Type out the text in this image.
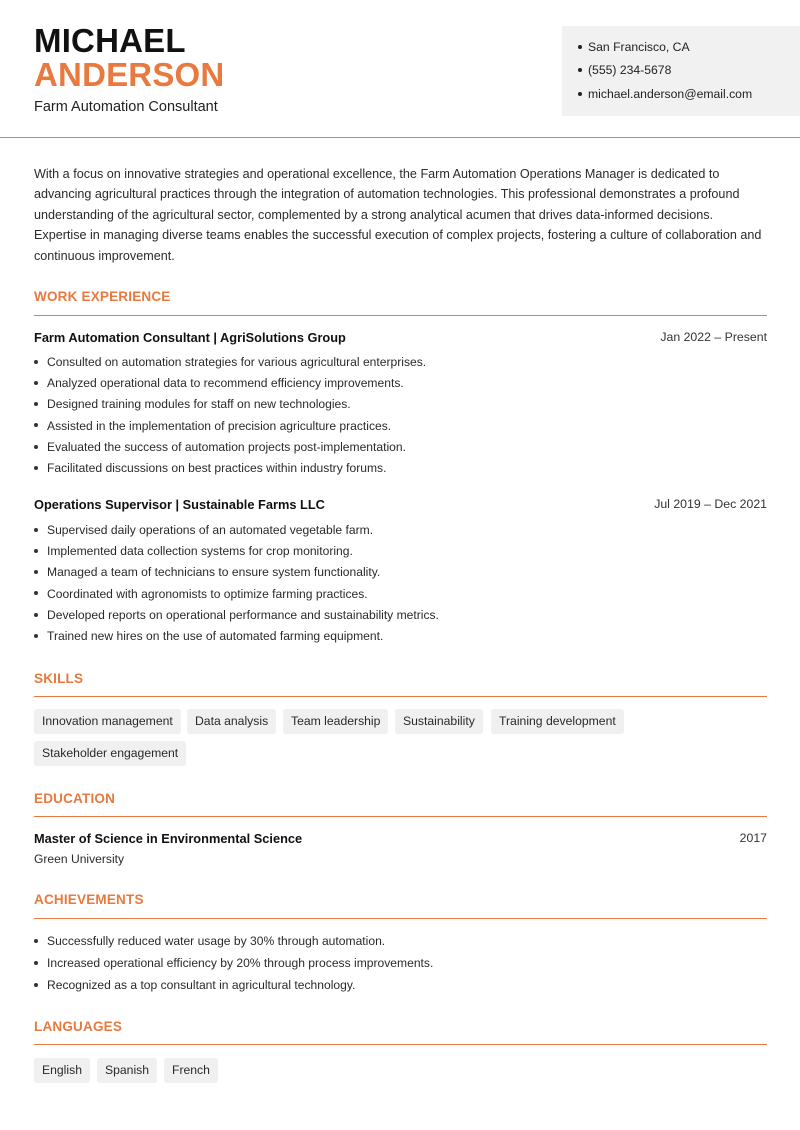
MICHAEL
ANDERSON
Farm Automation Consultant
San Francisco, CA
(555) 234-5678
michael.anderson@email.com
With a focus on innovative strategies and operational excellence, the Farm Automation Operations Manager is dedicated to advancing agricultural practices through the integration of automation technologies. This professional demonstrates a profound understanding of the agricultural sector, complemented by a strong analytical acumen that drives data-informed decisions. Expertise in managing diverse teams enables the successful execution of complex projects, fostering a culture of collaboration and continuous improvement.
WORK EXPERIENCE
Farm Automation Consultant | AgriSolutions Group	Jan 2022 – Present
Consulted on automation strategies for various agricultural enterprises.
Analyzed operational data to recommend efficiency improvements.
Designed training modules for staff on new technologies.
Assisted in the implementation of precision agriculture practices.
Evaluated the success of automation projects post-implementation.
Facilitated discussions on best practices within industry forums.
Operations Supervisor | Sustainable Farms LLC	Jul 2019 – Dec 2021
Supervised daily operations of an automated vegetable farm.
Implemented data collection systems for crop monitoring.
Managed a team of technicians to ensure system functionality.
Coordinated with agronomists to optimize farming practices.
Developed reports on operational performance and sustainability metrics.
Trained new hires on the use of automated farming equipment.
SKILLS
Innovation management	Data analysis	Team leadership	Sustainability	Training development
Stakeholder engagement
EDUCATION
Master of Science in Environmental Science	2017
Green University
ACHIEVEMENTS
Successfully reduced water usage by 30% through automation.
Increased operational efficiency by 20% through process improvements.
Recognized as a top consultant in agricultural technology.
LANGUAGES
English	Spanish	French
